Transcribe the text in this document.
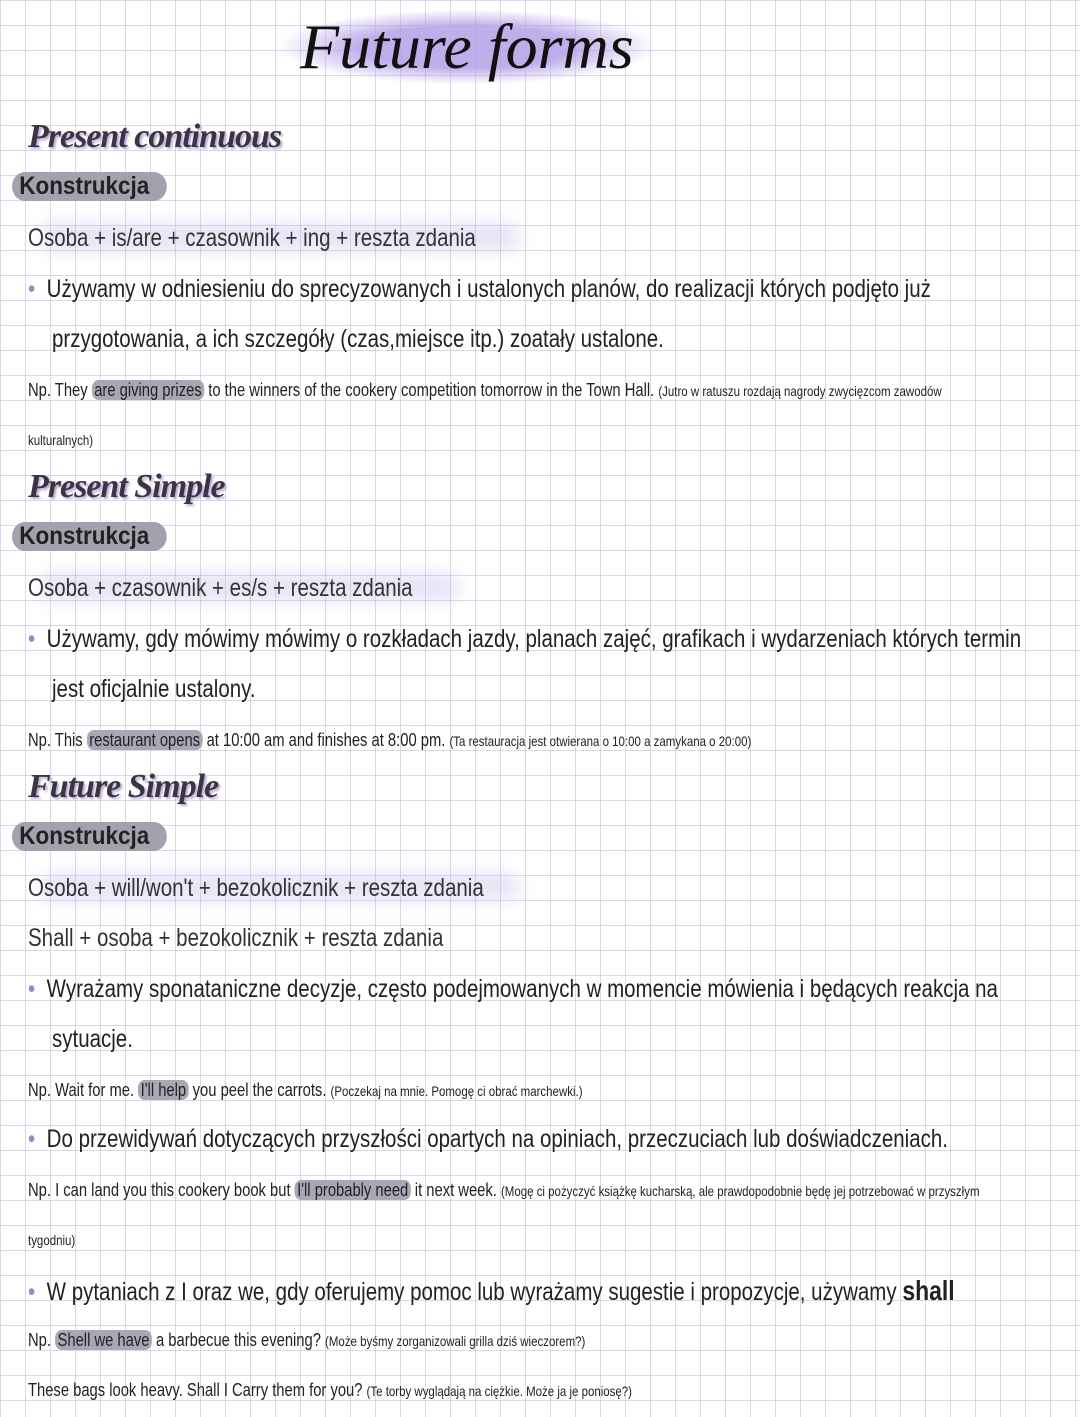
Future forms
Present continuous
Konstrukcja
Osoba + is/are + czasownik + ing + reszta zdania
• Używamy w odniesieniu do sprecyzowanych i ustalonych planów, do realizacji których podjęto już
przygotowania, a ich szczegóły (czas,miejsce itp.) zoatały ustalone.
Np. They are giving prizes to the winners of the cookery competition tomorrow in the Town Hall. (Jutro w ratuszu rozdają nagrody zwycięzcom zawodów
kulturalnych)
Present Simple
Konstrukcja
Osoba + czasownik + es/s + reszta zdania
• Używamy, gdy mówimy mówimy o rozkładach jazdy, planach zajęć, grafikach i wydarzeniach których termin
jest oficjalnie ustalony.
Np. This restaurant opens at 10:00 am and finishes at 8:00 pm. (Ta restauracja jest otwierana o 10:00 a zamykana o 20:00)
Future Simple
Konstrukcja
Osoba + will/won't + bezokolicznik + reszta zdania
Shall + osoba + bezokolicznik + reszta zdania
• Wyrażamy sponataniczne decyzje, często podejmowanych w momencie mówienia i będących reakcja na
sytuacje.
Np. Wait for me. I'll help you peel the carrots. (Poczekaj na mnie. Pomogę ci obrać marchewki.)
• Do przewidywań dotyczących przyszłości opartych na opiniach, przeczuciach lub doświadczeniach.
Np. I can land you this cookery book but I'll probably need it next week. (Mogę ci pożyczyć książkę kucharską, ale prawdopodobnie będę jej potrzebować w przyszłym
tygodniu)
• W pytaniach z I oraz we, gdy oferujemy pomoc lub wyrażamy sugestie i propozycje, używamy shall
Np. Shell we have a barbecue this evening? (Może byśmy zorganizowali grilla dziś wieczorem?)
These bags look heavy. Shall I Carry them for you? (Te torby wyglądają na ciężkie. Może ja je poniosę?)
